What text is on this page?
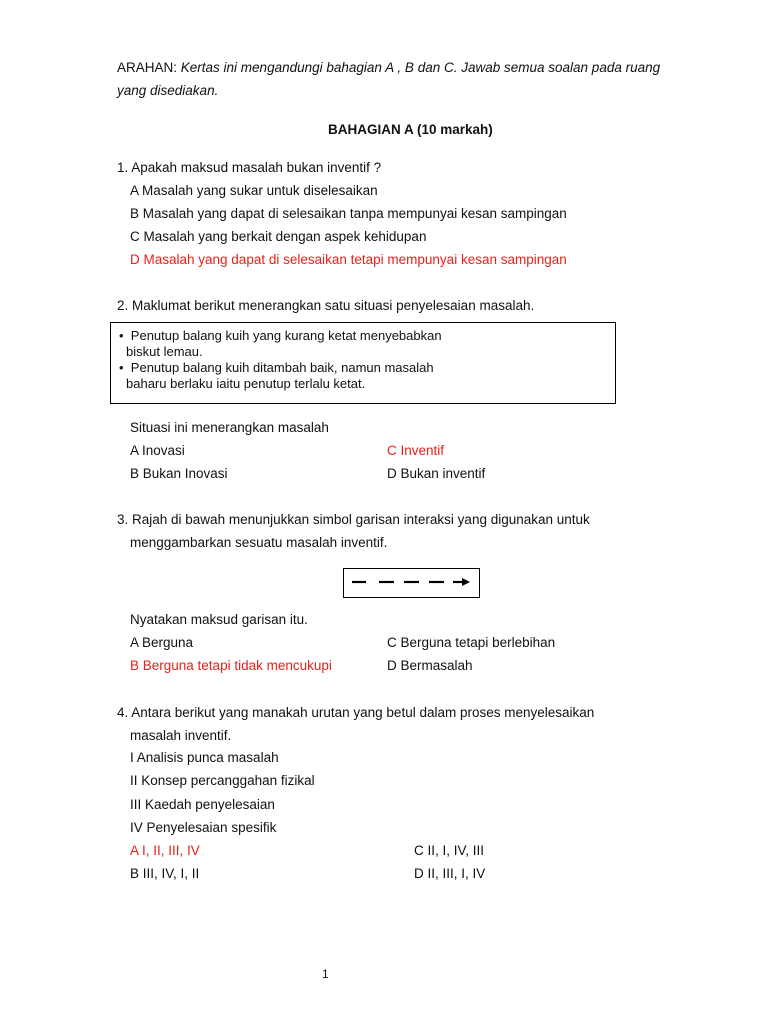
ARAHAN: Kertas ini mengandungi bahagian A , B dan C. Jawab semua soalan pada ruang
yang disediakan.
BAHAGIAN A (10 markah)
1. Apakah maksud masalah bukan inventif ?
A Masalah yang sukar untuk diselesaikan
B Masalah yang dapat di selesaikan tanpa mempunyai kesan sampingan
C Masalah yang berkait dengan aspek kehidupan
D Masalah yang dapat di selesaikan tetapi mempunyai kesan sampingan
2. Maklumat berikut menerangkan satu situasi penyelesaian masalah.
• Penutup balang kuih yang kurang ketat menyebabkan
biskut lemau.
• Penutup balang kuih ditambah baik, namun masalah
baharu berlaku iaitu penutup terlalu ketat.
Situasi ini menerangkan masalah
A Inovasi	C Inventif
B Bukan Inovasi	D Bukan inventif
3. Rajah di bawah menunjukkan simbol garisan interaksi yang digunakan untuk
menggambarkan sesuatu masalah inventif.
Nyatakan maksud garisan itu.
A Berguna	C Berguna tetapi berlebihan
B Berguna tetapi tidak mencukupi	D Bermasalah
4. Antara berikut yang manakah urutan yang betul dalam proses menyelesaikan
masalah inventif.
I Analisis punca masalah
II Konsep percanggahan fizikal
III Kaedah penyelesaian
IV Penyelesaian spesifik
A I, II, III, IV	C II, I, IV, III
B III, IV, I, II	D II, III, I, IV
1
